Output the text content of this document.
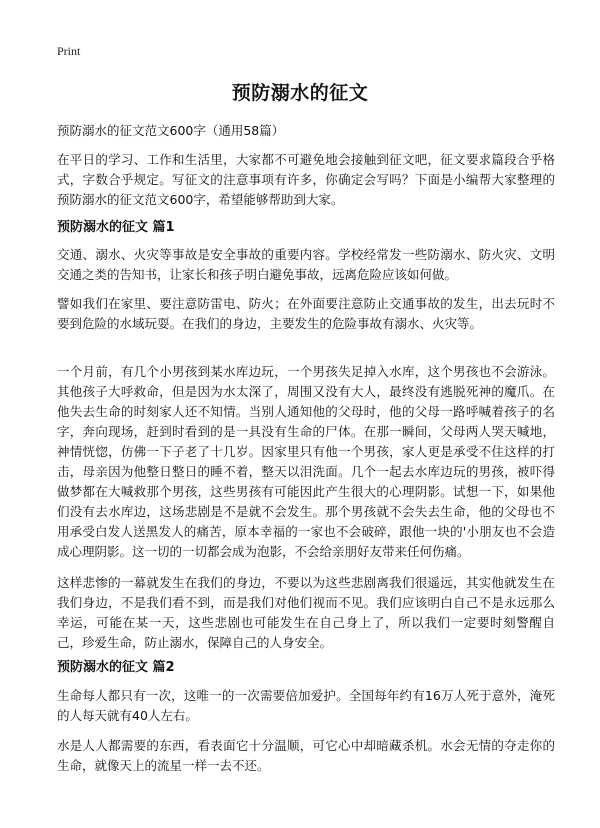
Print
预防溺水的征文
预防溺水的征文范文600字（通用58篇）

在平日的学习、工作和生活里，大家都不可避免地会接触到征文吧，征文要求篇段合乎格式，字数合乎规定。写征文的注意事项有许多，你确定会写吗？下面是小编帮大家整理的预防溺水的征文范文600字，希望能够帮助到大家。

预防溺水的征文 篇1

交通、溺水、火灾等事故是安全事故的重要内容。学校经常发一些防溺水、防火灾、文明交通之类的告知书，让家长和孩子明白避免事故，远离危险应该如何做。

譬如我们在家里、要注意防雷电、防火；在外面要注意防止交通事故的发生，出去玩时不要到危险的水域玩耍。在我们的身边，主要发生的危险事故有溺水、火灾等。

一个月前，有几个小男孩到某水库边玩，一个男孩失足掉入水库，这个男孩也不会游泳。其他孩子大呼救命，但是因为水太深了，周围又没有大人，最终没有逃脱死神的魔爪。在他失去生命的时刻家人还不知情。当别人通知他的父母时，他的父母一路呼喊着孩子的名字，奔向现场，赶到时看到的是一具没有生命的尸体。在那一瞬间，父母两人哭天喊地，神情恍惚，仿佛一下子老了十几岁。因家里只有他一个男孩，家人更是承受不住这样的打击，母亲因为他整日整日的睡不着，整天以泪洗面。几个一起去水库边玩的男孩，被吓得做梦都在大喊救那个男孩，这些男孩有可能因此产生很大的心理阴影。试想一下，如果他们没有去水库边，这场悲剧是不是就不会发生。那个男孩就不会失去生命，他的父母也不用承受白发人送黑发人的痛苦，原本幸福的一家也不会破碎，跟他一块的'小朋友也不会造成心理阴影。这一切的一切都会成为泡影，不会给亲朋好友带来任何伤痛。

这样悲惨的一幕就发生在我们的身边，不要以为这些悲剧离我们很遥远，其实他就发生在我们身边，不是我们看不到，而是我们对他们视而不见。我们应该明白自己不是永远那么幸运，可能在某一天，这些悲剧也可能发生在自己身上了，所以我们一定要时刻警醒自己，珍爱生命，防止溺水，保障自己的人身安全。

预防溺水的征文 篇2

生命每人都只有一次，这唯一的一次需要倍加爱护。全国每年约有16万人死于意外，淹死的人每天就有40人左右。

水是人人都需要的东西，看表面它十分温顺，可它心中却暗藏杀机。水会无情的夺走你的生命，就像天上的流星一样一去不还。
